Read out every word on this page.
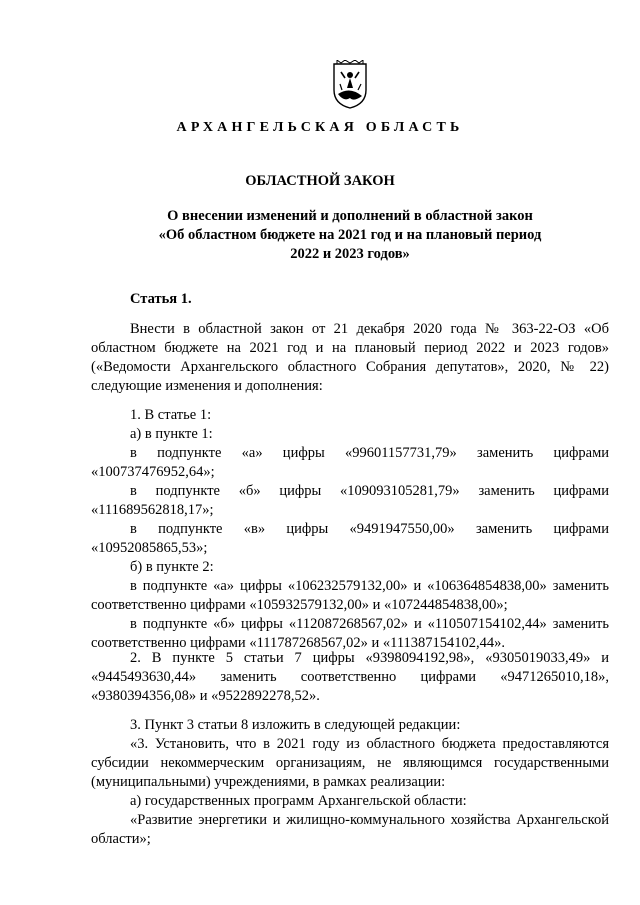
АРХАНГЕЛЬСКАЯ ОБЛАСТЬ
ОБЛАСТНОЙ ЗАКОН
О внесении изменений и дополнений в областной закон
«Об областном бюджете на 2021 год и на плановый период
2022 и 2023 годов»
Статья 1.

Внести в областной закон от 21 декабря 2020 года № 363-22-ОЗ «Об областном бюджете на 2021 год и на плановый период 2022 и 2023 годов» («Ведомости Архангельского областного Собрания депутатов», 2020, № 22) следующие изменения и дополнения:

1. В статье 1:

а) в пункте 1:

в подпункте «а» цифры «99601157731,79» заменить цифрами «100737476952,64»;

в подпункте «б» цифры «109093105281,79» заменить цифрами «111689562818,17»;

в подпункте «в» цифры «9491947550,00» заменить цифрами «10952085865,53»;

б) в пункте 2:

в подпункте «а» цифры «106232579132,00» и «106364854838,00» заменить соответственно цифрами «105932579132,00» и «107244854838,00»;

в подпункте «б» цифры «112087268567,02» и «110507154102,44» заменить соответственно цифрами «111787268567,02» и «111387154102,44».

2. В пункте 5 статьи 7 цифры «9398094192,98», «9305019033,49» и «9445493630,44» заменить соответственно цифрами «9471265010,18», «9380394356,08» и «9522892278,52».

3. Пункт 3 статьи 8 изложить в следующей редакции:

«3. Установить, что в 2021 году из областного бюджета предоставляются субсидии некоммерческим организациям, не являющимся государственными (муниципальными) учреждениями, в рамках реализации:

а) государственных программ Архангельской области:

«Развитие энергетики и жилищно-коммунального хозяйства Архангельской области»;
